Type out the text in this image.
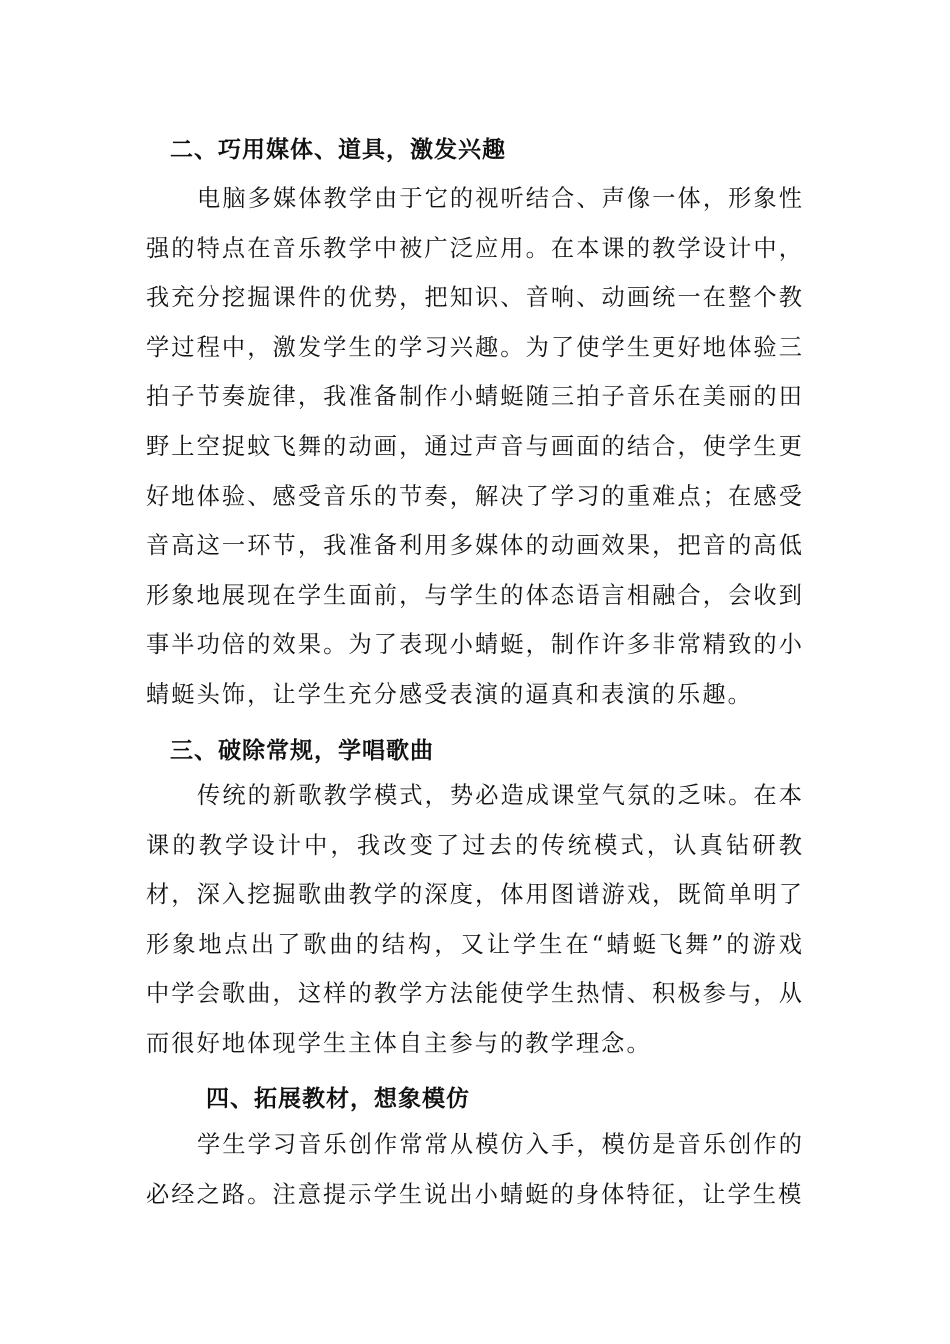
二、巧用媒体、道具，激发兴趣

电脑多媒体教学由于它的视听结合、声像一体，形象性强的特点在音乐教学中被广泛应用。在本课的教学设计中，我充分挖掘课件的优势，把知识、音响、动画统一在整个教学过程中，激发学生的学习兴趣。为了使学生更好地体验三拍子节奏旋律，我准备制作小蜻蜓随三拍子音乐在美丽的田野上空捉蚊飞舞的动画，通过声音与画面的结合，使学生更好地体验、感受音乐的节奏，解决了学习的重难点；在感受音高这一环节，我准备利用多媒体的动画效果，把音的高低形象地展现在学生面前，与学生的体态语言相融合，会收到事半功倍的效果。为了表现小蜻蜓，制作许多非常精致的小蜻蜓头饰，让学生充分感受表演的逼真和表演的乐趣。

三、破除常规，学唱歌曲

传统的新歌教学模式，势必造成课堂气氛的乏味。在本课的教学设计中，我改变了过去的传统模式，认真钻研教材，深入挖掘歌曲教学的深度，体用图谱游戏，既简单明了形象地点出了歌曲的结构，又让学生在“蜻蜓飞舞”的游戏中学会歌曲，这样的教学方法能使学生热情、积极参与，从而很好地体现学生主体自主参与的教学理念。

四、拓展教材，想象模仿

学生学习音乐创作常常从模仿入手，模仿是音乐创作的必经之路。注意提示学生说出小蜻蜓的身体特征，让学生模
